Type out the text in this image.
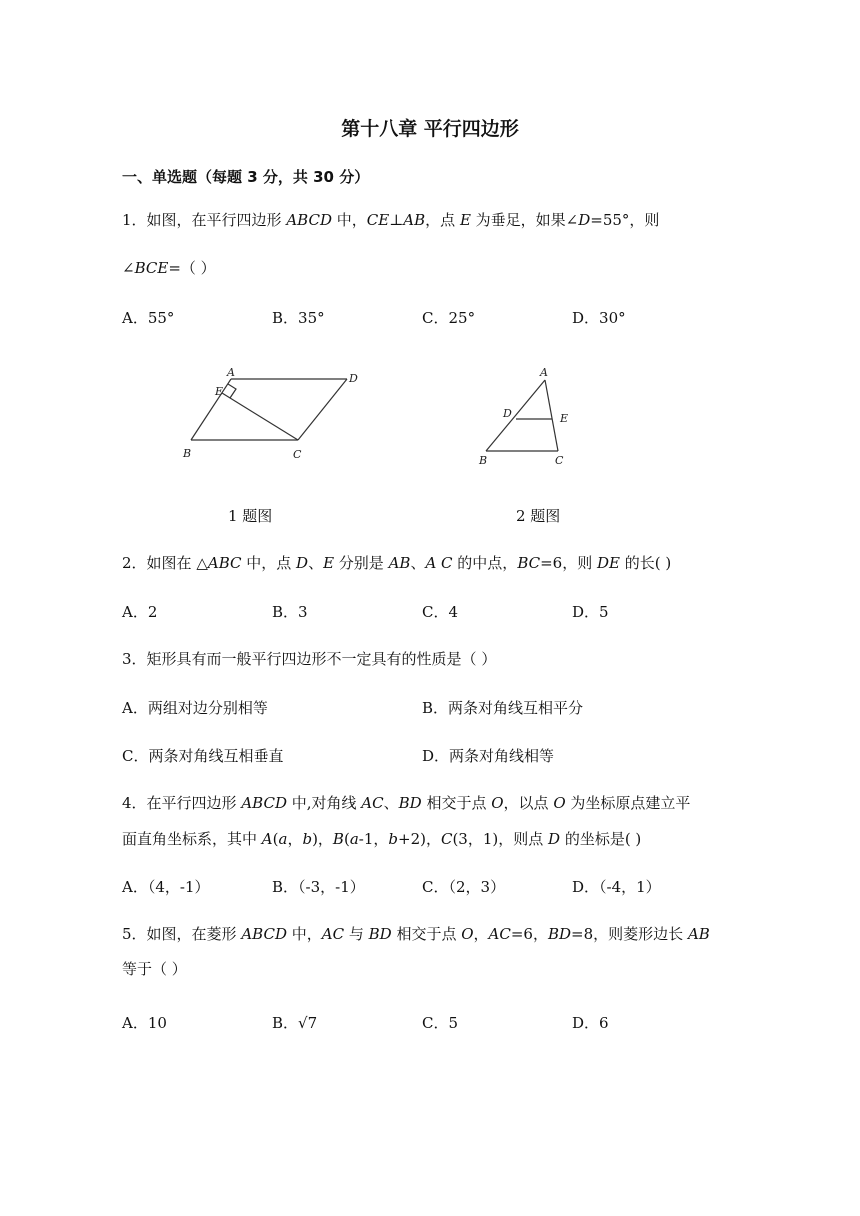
第十八章 平行四边形
一、单选题（每题 3 分，共 30 分）
1．如图，在平行四边形 ABCD 中，CE⊥AB，点 E 为垂足，如果∠D=55°，则
∠BCE=（ ）
A．55°	B．35°	C．25°	D．30°
A	D
E
B	C
A
D	E
B	C
1 题图	2 题图
2．如图在 △ABC 中，点 D、E 分别是 AB、A C 的中点，BC=6，则 DE 的长( )
A．2	B．3	C．4	D．5
3．矩形具有而一般平行四边形不一定具有的性质是（ ）
A．两组对边分别相等	B．两条对角线互相平分
C．两条对角线互相垂直	D．两条对角线相等
4．在平行四边形 ABCD 中,对角线 AC、BD 相交于点 O，以点 O 为坐标原点建立平
面直角坐标系，其中 A(a，b)，B(a-1，b+2)，C(3，1)，则点 D 的坐标是( )
A．（4，-1）	B．（-3，-1）	C．（2，3）	D．（-4，1）
5．如图，在菱形 ABCD 中，AC 与 BD 相交于点 O，AC=6，BD=8，则菱形边长 AB
等于（ ）
A．10	B．√7	C．5	D．6
